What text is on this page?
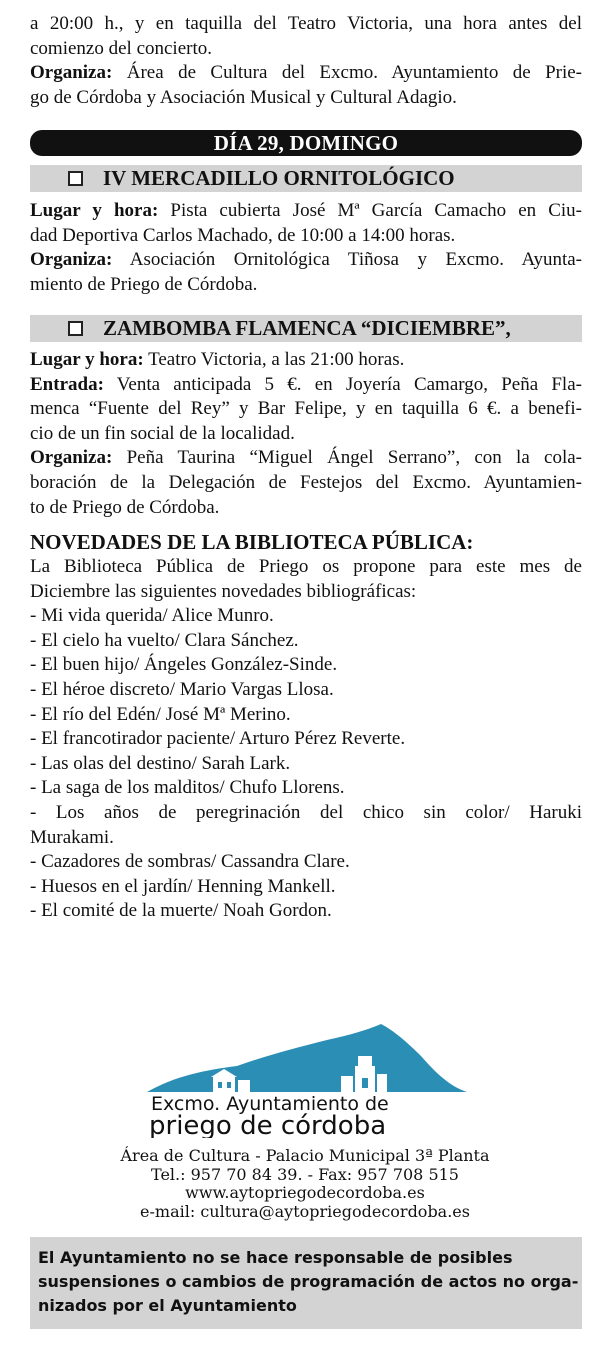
a 20:00 h., y en taquilla del Teatro Victoria, una hora antes del
comienzo del concierto.
Organiza: Área de Cultura del Excmo. Ayuntamiento de Prie-
go de Córdoba y Asociación Musical y Cultural Adagio.
DÍA 29, DOMINGO
IV MERCADILLO ORNITOLÓGICO
Lugar y hora: Pista cubierta José Mª García Camacho en Ciu-
dad Deportiva Carlos Machado, de 10:00 a 14:00 horas.
Organiza: Asociación Ornitológica Tiñosa y Excmo. Ayunta-
miento de Priego de Córdoba.
ZAMBOMBA FLAMENCA “DICIEMBRE”,
Lugar y hora: Teatro Victoria, a las 21:00 horas.
Entrada: Venta anticipada 5 €. en Joyería Camargo, Peña Fla-
menca “Fuente del Rey” y Bar Felipe, y en taquilla 6 €. a benefi-
cio de un fin social de la localidad.
Organiza: Peña Taurina “Miguel Ángel Serrano”, con la cola-
boración de la Delegación de Festejos del Excmo. Ayuntamien-
to de Priego de Córdoba.
NOVEDADES DE LA BIBLIOTECA PÚBLICA:
La Biblioteca Pública de Priego os propone para este mes de
Diciembre las siguientes novedades bibliográficas:
- Mi vida querida/ Alice Munro.
- El cielo ha vuelto/ Clara Sánchez.
- El buen hijo/ Ángeles González-Sinde.
- El héroe discreto/ Mario Vargas Llosa.
- El río del Edén/ José Mª Merino.
- El francotirador paciente/ Arturo Pérez Reverte.
- Las olas del destino/ Sarah Lark.
- La saga de los malditos/ Chufo Llorens.
- Los años de peregrinación del chico sin color/ Haruki
Murakami.
- Cazadores de sombras/ Cassandra Clare.
- Huesos en el jardín/ Henning Mankell.
- El comité de la muerte/ Noah Gordon.
Excmo. Ayuntamiento de
priego de córdoba
Área de Cultura - Palacio Municipal 3ª Planta
Tel.: 957 70 84 39. - Fax: 957 708 515
www.aytopriegodecordoba.es
e-mail: cultura@aytopriegodecordoba.es
El Ayuntamiento no se hace responsable de posibles
suspensiones o cambios de programación de actos no orga-
nizados por el Ayuntamiento
